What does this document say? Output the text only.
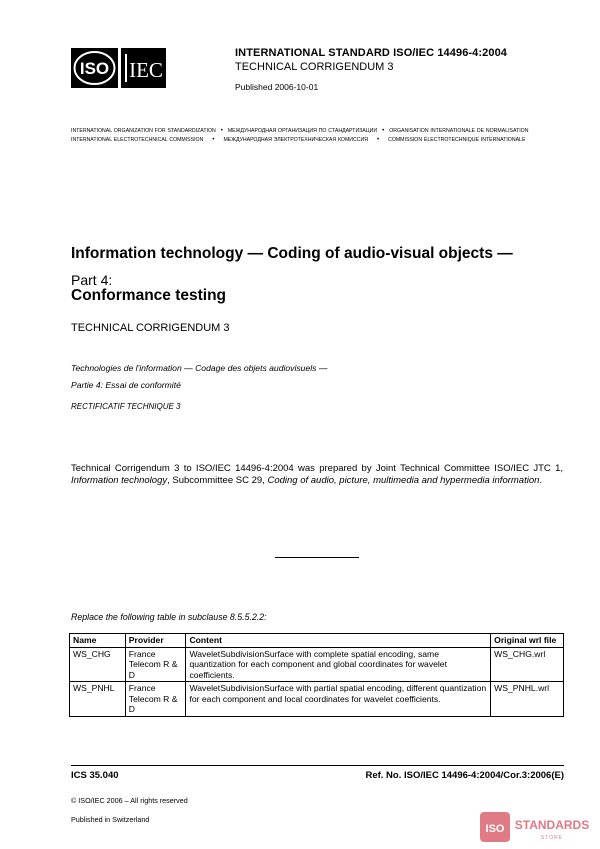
ISO IEC
INTERNATIONAL STANDARD ISO/IEC 14496-4:2004
TECHNICAL CORRIGENDUM 3
Published 2006-10-01
INTERNATIONAL ORGANIZATION FOR STANDARDIZATION • МЕЖДУНАРОДНАЯ ОРГАНИЗАЦИЯ ПО СТАНДАРТИЗАЦИИ • ORGANISATION INTERNATIONALE DE NORMALISATION
INTERNATIONAL ELECTROTECHNICAL COMMISSION • МЕЖДУНАРОДНАЯ ЭЛЕКТРОТЕХНИЧЕСКАЯ КОМИССИЯ • COMMISSION ÉLECTROTECHNIQUE INTERNATIONALE
Information technology — Coding of audio-visual objects —
Part 4:
Conformance testing
TECHNICAL CORRIGENDUM 3
Technologies de l'information — Codage des objets audiovisuels —
Partie 4: Essai de conformité
RECTIFICATIF TECHNIQUE 3
Technical Corrigendum 3 to ISO/IEC 14496-4:2004 was prepared by Joint Technical Committee ISO/IEC JTC 1, Information technology, Subcommittee SC 29, Coding of audio, picture, multimedia and hypermedia information.
Replace the following table in subclause 8.5.5.2.2:
Name	Provider	Content	Original wrl file
WS_CHG	France Telecom R & D	WaveletSubdivisionSurface with complete spatial encoding, same quantization for each component and global coordinates for wavelet coefficients.	WS_CHG.wrl
WS_PNHL	France Telecom R & D	WaveletSubdivisionSurface with partial spatial encoding, different quantization for each component and local coordinates for wavelet coefficients.	WS_PNHL.wrl
ICS 35.040	Ref. No. ISO/IEC 14496-4:2004/Cor.3:2006(E)
© ISO/IEC 2006 – All rights reserved
Published in Switzerland
ISO STANDARDS
STORE
